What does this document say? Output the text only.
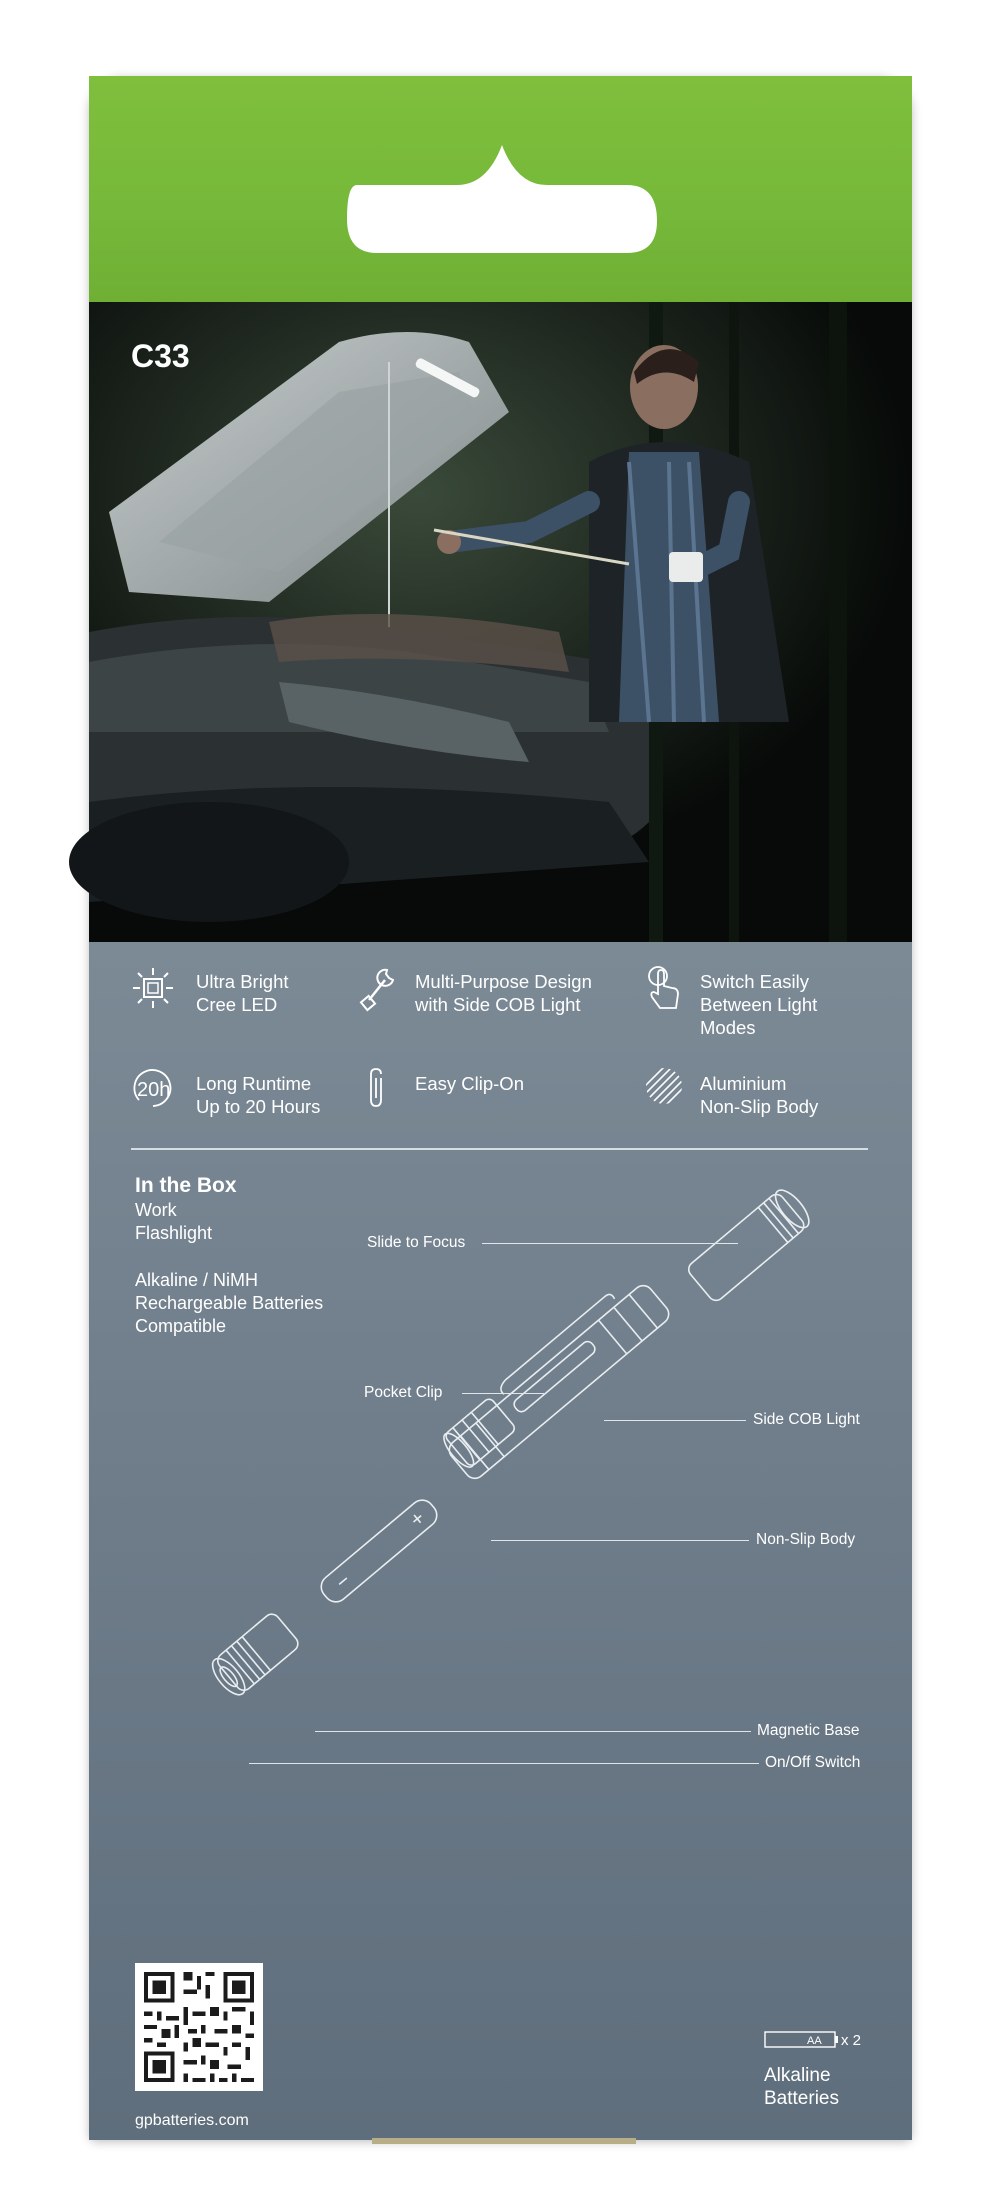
C33
Ultra Bright
Cree LED
Multi-Purpose Design
with Side COB Light
Switch Easily
Between Light
Modes
20h Long Runtime
Up to 20 Hours
Easy Clip-On	Aluminium
Non-Slip Body
In the Box
Work
Flashlight
Alkaline / NiMH
Rechargeable Batteries
Compatible
Slide to Focus
Pocket Clip
Side COB Light
Non-Slip Body
Magnetic Base
On/Off Switch
gpbatteries.com
AA x 2
Alkaline
Batteries
